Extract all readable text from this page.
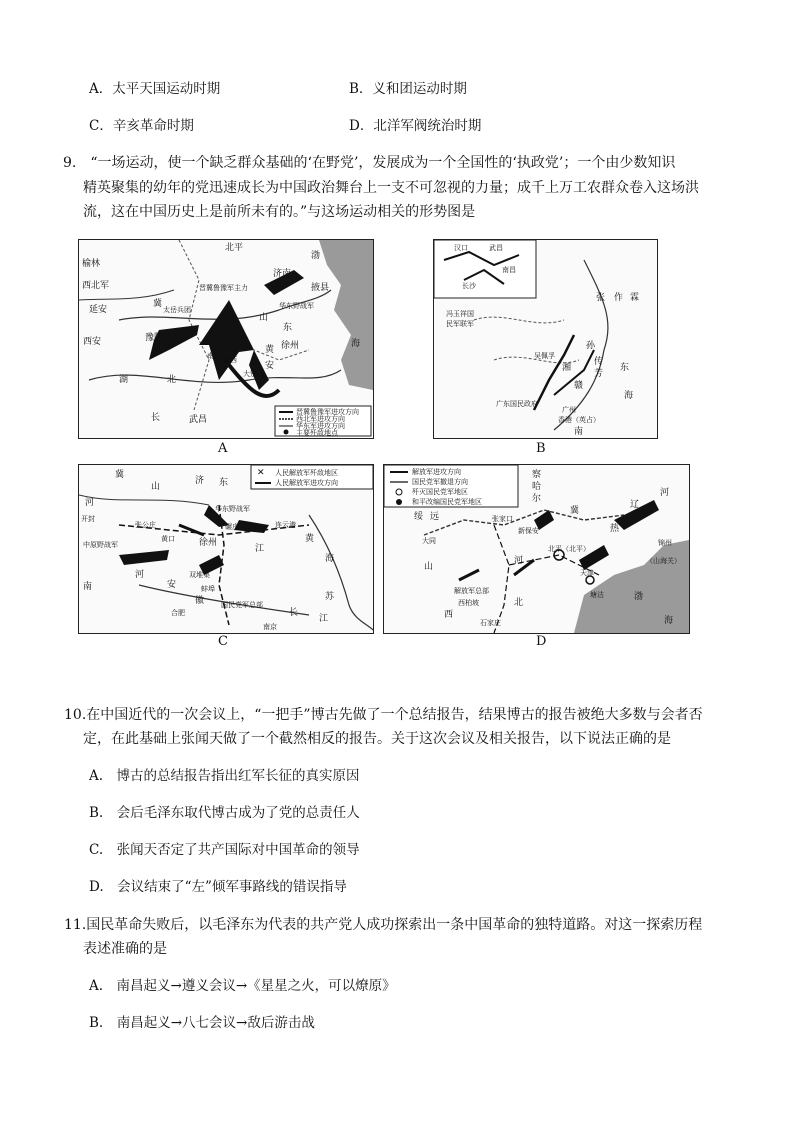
A．太平天国运动时期	B．义和团运动时期
C．辛亥革命时期	D．北洋军阀统治时期
9.　“一场运动，使一个缺乏群众基础的‘在野党’，发展成为一个全国性的‘执政党’；一个由少数知识
精英聚集的幼年的党迅速成长为中国政治舞台上一支不可忽视的力量；成千上万工农群众卷入这场洪
流，这在中国历史上是前所未有的。”与这场运动相关的形势图是
晋冀鲁豫军进攻方向
西北军进攻方向
华东军进攻方向
主要歼敌地点
北平
榆林
西北军
延安
晋冀鲁豫军主力
太岳兵团
济南
华东野战军
掖县
山
东
冀
豫陕边
南阳
徐州
豫西
大别山
安
黄
湖	北
长	武昌
西安
渤
海
A
汉口	武昌
长沙
南昌
张 作 霖
冯玉祥国
民军联军
孙
吴佩孚
传
芳
广东国民政府
广州
香港（英占）
湘
赣
东
海
南
B
✕ 人民解放军歼敌地区
人民解放军进攻方向
冀
山	东
济
河
开封
张公庄
华东野战军
连云港
中原野战军
黄口
碾庄
徐州
江
双堆集
蚌埠
国民党军总部
合肥
南京
南
河
安
徽	苏
黄
海
长
江
C
解放军进攻方向
国民党军撤退方向
歼灭国民党军地区
和平改编国民党军地区
察
哈
尔
绥 远	张家口
新保安
北平（北平）
大同
天津
塘沽
山
西
河
北
冀
辽
河
热
锦州
（山海关）
渤
海
解放军总部
西柏坡
石家庄
D
10.在中国近代的一次会议上，“一把手”博古先做了一个总结报告，结果博古的报告被绝大多数与会者否
定，在此基础上张闻天做了一个截然相反的报告。关于这次会议及相关报告，以下说法正确的是
A.　博古的总结报告指出红军长征的真实原因
B.　会后毛泽东取代博古成为了党的总责任人
C.　张闻天否定了共产国际对中国革命的领导
D.　会议结束了“左”倾军事路线的错误指导
11.国民革命失败后，以毛泽东为代表的共产党人成功探索出一条中国革命的独特道路。对这一探索历程
表述准确的是
A.　南昌起义→遵义会议→《星星之火，可以燎原》
B.　南昌起义→八七会议→敌后游击战
